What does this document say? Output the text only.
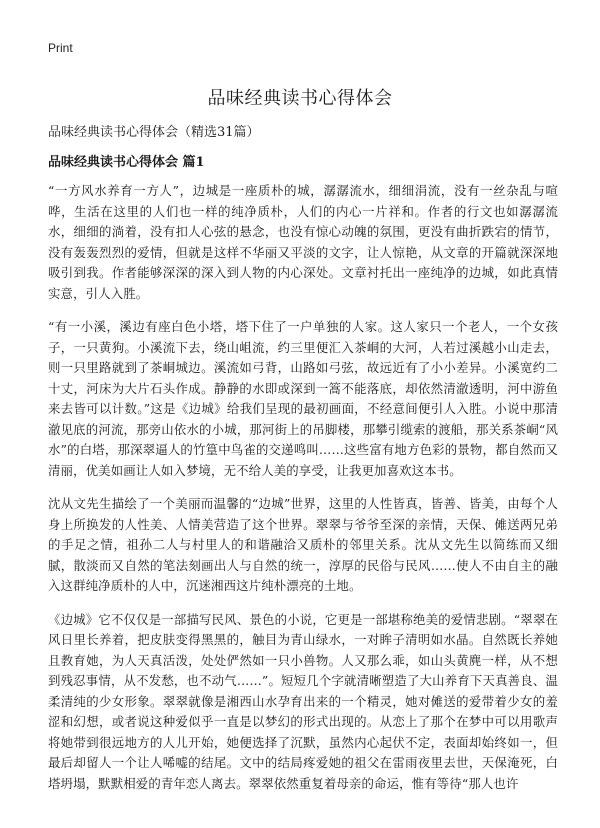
Print
品味经典读书心得体会

品味经典读书心得体会（精选31篇）

品味经典读书心得体会 篇1

“一方风水养育一方人”，边城是一座质朴的城，潺潺流水，细细涓流，没有一丝杂乱与喧哗，生活在这里的人们也一样的纯净质朴，人们的内心一片祥和。作者的行文也如潺潺流水，细细的淌着，没有扣人心弦的悬念，也没有惊心动魄的氛围，更没有曲折跌宕的情节，没有轰轰烈烈的爱情，但就是这样不华丽又平淡的文字，让人惊艳，从文章的开篇就深深地吸引到我。作者能够深深的深入到人物的内心深处。文章衬托出一座纯净的边城，如此真情实意，引人入胜。

“有一小溪，溪边有座白色小塔，塔下住了一户单独的人家。这人家只一个老人，一个女孩子，一只黄狗。小溪流下去，绕山岨流，约三里便汇入茶峒的大河，人若过溪越小山走去，则一只里路就到了茶峒城边。溪流如弓背，山路如弓弦，故远近有了小小差异。小溪宽约二十丈，河床为大片石头作成。静静的水即或深到一篙不能落底，却依然清澈透明，河中游鱼来去皆可以计数。”这是《边城》给我们呈现的最初画面，不经意间便引人入胜。小说中那清澈见底的河流，那旁山依水的小城，那河街上的吊脚楼，那攀引缆索的渡船，那关系茶峒“风水”的白塔，那深翠逼人的竹篁中鸟雀的交递鸣叫……这些富有地方色彩的景物，都自然而又清丽，优美如画让人如入梦境，无不给人美的享受，让我更加喜欢这本书。

沈从文先生描绘了一个美丽而温馨的“边城”世界，这里的人性皆真，皆善、皆美，由每个人身上所换发的人性美、人情美营造了这个世界。翠翠与爷爷至深的亲情，天保、傩送两兄弟的手足之情，祖孙二人与村里人的和谐融洽又质朴的邻里关系。沈从文先生以简练而又细腻，散淡而又自然的笔法刻画出人与自然的统一，淳厚的民俗与民风……使人不由自主的融入这群纯净质朴的人中，沉迷湘西这片纯朴漂亮的土地。

《边城》它不仅仅是一部描写民风、景色的小说，它更是一部堪称绝美的爱情悲剧。“翠翠在风日里长养着，把皮肤变得黑黑的，触目为青山绿水，一对眸子清明如水晶。自然既长养她且教育她，为人天真活泼，处处俨然如一只小兽物。人又那么乖，如山头黄麂一样，从不想到残忍事情，从不发愁，也不动气……”。短短几个字就清晰塑造了大山养育下天真善良、温柔清纯的少女形象。翠翠就像是湘西山水孕育出来的一个精灵，她对傩送的爱带着少女的羞涩和幻想，或者说这种爱似乎一直是以梦幻的形式出现的。从恋上了那个在梦中可以用歌声将她带到很远地方的人儿开始，她便选择了沉默，虽然内心起伏不定，表面却始终如一，但最后却留人一个让人唏嘘的结尾。文中的结局疼爱她的祖父在雷雨夜里去世，天保淹死，白塔坍塌，默默相爱的青年恋人离去。翠翠依然重复着母亲的命运，惟有等待“那人也许
